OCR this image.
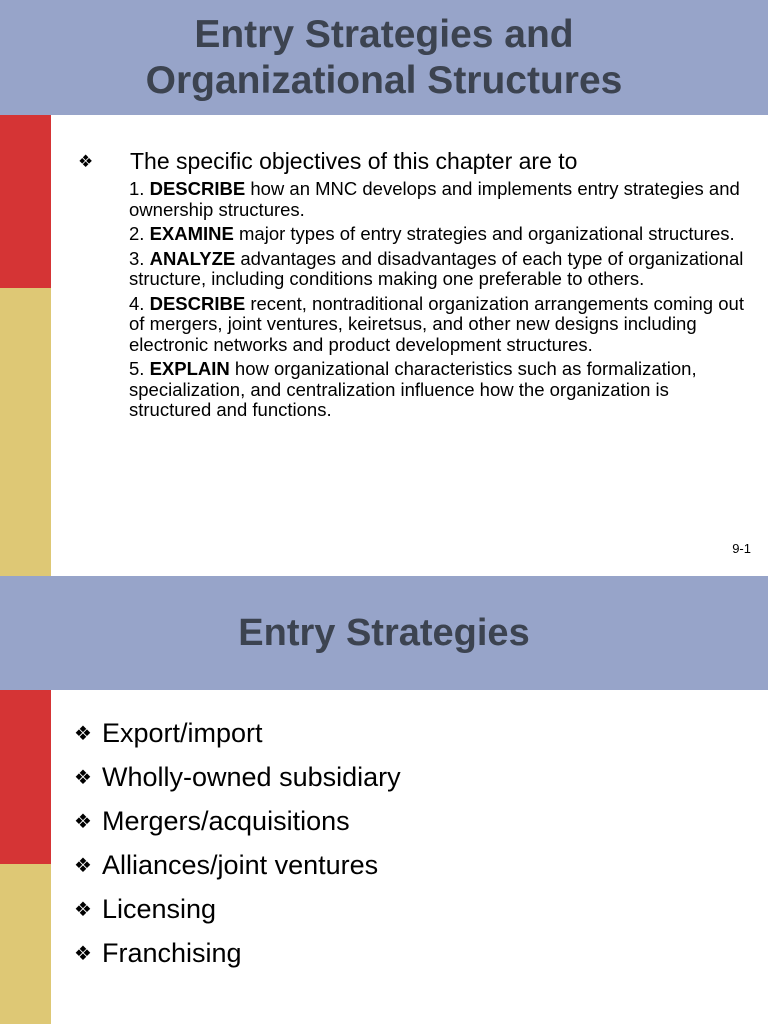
Entry Strategies and
Organizational Structures
❖ The specific objectives of this chapter are to
1. DESCRIBE how an MNC develops and implements entry strategies and ownership structures.
2. EXAMINE major types of entry strategies and organizational structures.
3. ANALYZE advantages and disadvantages of each type of organizational structure, including conditions making one preferable to others.
4. DESCRIBE recent, nontraditional organization arrangements coming out of mergers, joint ventures, keiretsus, and other new designs including electronic networks and product development structures.
5. EXPLAIN how organizational characteristics such as formalization, specialization, and centralization influence how the organization is structured and functions.
9-1
Entry Strategies
❖ Export/import
❖ Wholly-owned subsidiary
❖ Mergers/acquisitions
❖ Alliances/joint ventures
❖ Licensing
❖ Franchising
